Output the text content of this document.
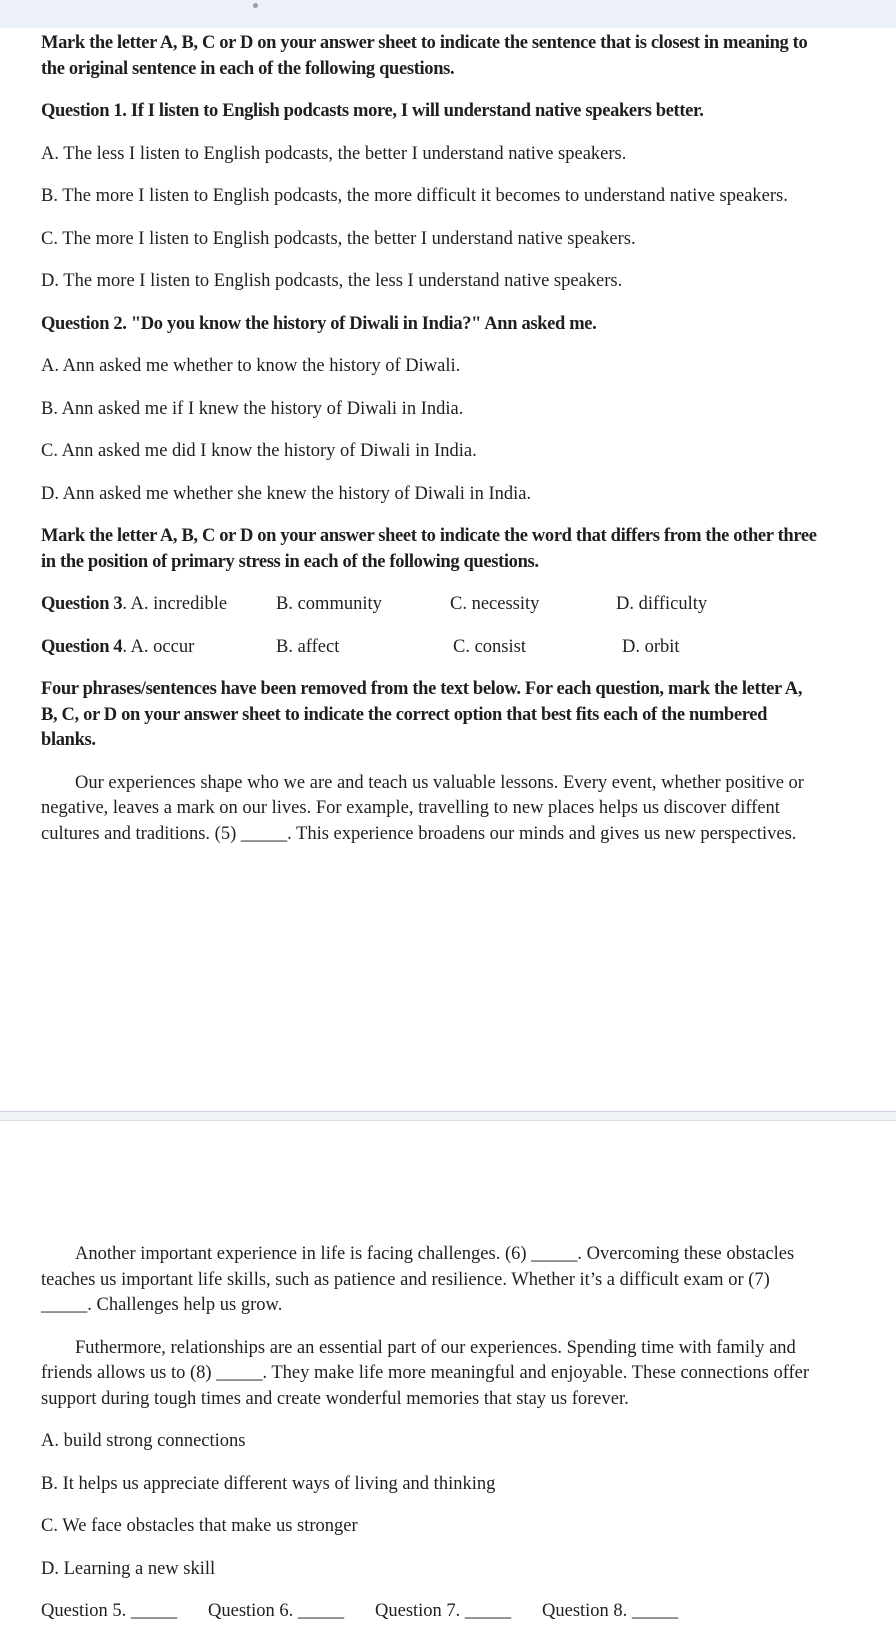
Mark the letter A, B, C or D on your answer sheet to indicate the sentence that is closest in meaning to the original sentence in each of the following questions.

Question 1. If I listen to English podcasts more, I will understand native speakers better.

A. The less I listen to English podcasts, the better I understand native speakers.

B. The more I listen to English podcasts, the more difficult it becomes to understand native speakers.

C. The more I listen to English podcasts, the better I understand native speakers.

D. The more I listen to English podcasts, the less I understand native speakers.

Question 2. "Do you know the history of Diwali in India?" Ann asked me.

A. Ann asked me whether to know the history of Diwali.

B. Ann asked me if I knew the history of Diwali in India.

C. Ann asked me did I know the history of Diwali in India.

D. Ann asked me whether she knew the history of Diwali in India.

Mark the letter A, B, C or D on your answer sheet to indicate the word that differs from the other three in the position of primary stress in each of the following questions.

Question 3. A. incredible	B. community	C. necessity	D. difficulty
Question 4. A. occur	B. affect	C. consist	D. orbit

Four phrases/sentences have been removed from the text below. For each question, mark the letter A, B, C, or D on your answer sheet to indicate the correct option that best fits each of the numbered blanks.

Our experiences shape who we are and teach us valuable lessons. Every event, whether positive or negative, leaves a mark on our lives. For example, travelling to new places helps us discover diffent cultures and traditions. (5) _____. This experience broadens our minds and gives us new perspectives.

Another important experience in life is facing challenges. (6) _____. Overcoming these obstacles teaches us important life skills, such as patience and resilience. Whether it’s a difficult exam or (7) _____. Challenges help us grow.

Futhermore, relationships are an essential part of our experiences. Spending time with family and friends allows us to (8) _____. They make life more meaningful and enjoyable. These connections offer support during tough times and create wonderful memories that stay us forever.

A. build strong connections

B. It helps us appreciate different ways of living and thinking

C. We face obstacles that make us stronger

D. Learning a new skill

Question 5. _____ Question 6. _____ Question 7. _____ Question 8. _____
